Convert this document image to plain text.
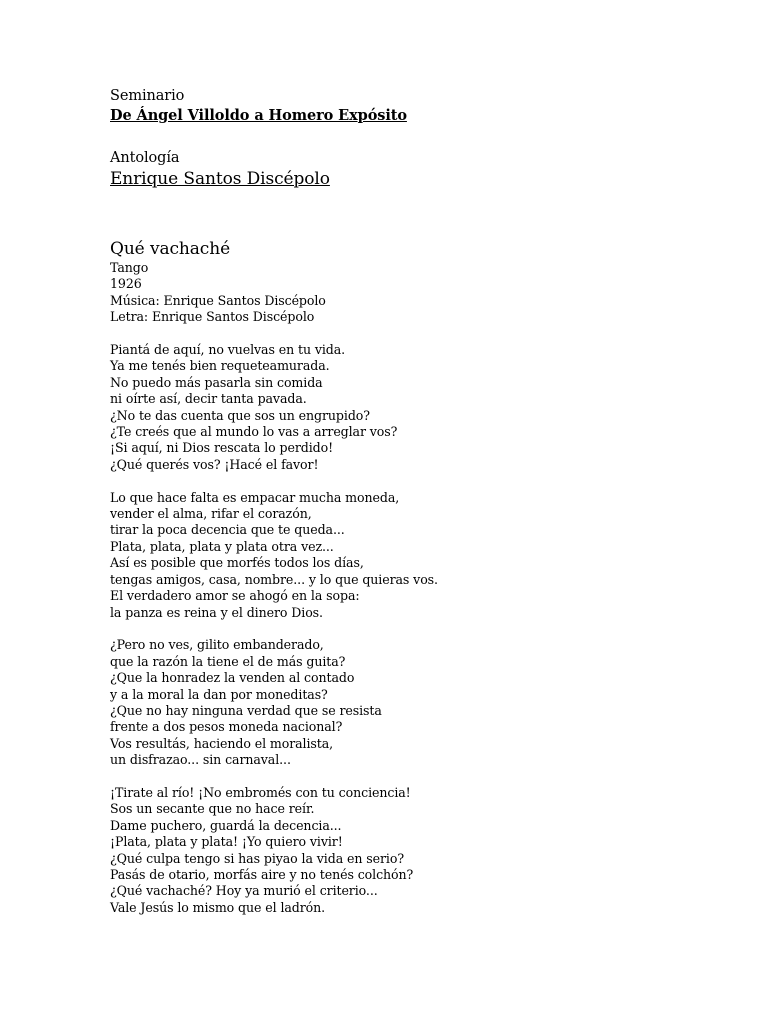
Seminario
De Ángel Villoldo a Homero Expósito
Antología
Enrique Santos Discépolo
Qué vachaché
Tango
1926
Música: Enrique Santos Discépolo
Letra: Enrique Santos Discépolo
Piantá de aquí, no vuelvas en tu vida.
Ya me tenés bien requeteamurada.
No puedo más pasarla sin comida
ni oírte así, decir tanta pavada.
¿No te das cuenta que sos un engrupido?
¿Te creés que al mundo lo vas a arreglar vos?
¡Si aquí, ni Dios rescata lo perdido!
¿Qué querés vos? ¡Hacé el favor!
Lo que hace falta es empacar mucha moneda,
vender el alma, rifar el corazón,
tirar la poca decencia que te queda...
Plata, plata, plata y plata otra vez...
Así es posible que morfés todos los días,
tengas amigos, casa, nombre... y lo que quieras vos.
El verdadero amor se ahogó en la sopa:
la panza es reina y el dinero Dios.
¿Pero no ves, gilito embanderado,
que la razón la tiene el de más guita?
¿Que la honradez la venden al contado
y a la moral la dan por moneditas?
¿Que no hay ninguna verdad que se resista
frente a dos pesos moneda nacional?
Vos resultás, haciendo el moralista,
un disfrazao... sin carnaval...
¡Tirate al río! ¡No embromés con tu conciencia!
Sos un secante que no hace reír.
Dame puchero, guardá la decencia...
¡Plata, plata y plata! ¡Yo quiero vivir!
¿Qué culpa tengo si has piyao la vida en serio?
Pasás de otario, morfás aire y no tenés colchón?
¿Qué vachaché? Hoy ya murió el criterio...
Vale Jesús lo mismo que el ladrón.
